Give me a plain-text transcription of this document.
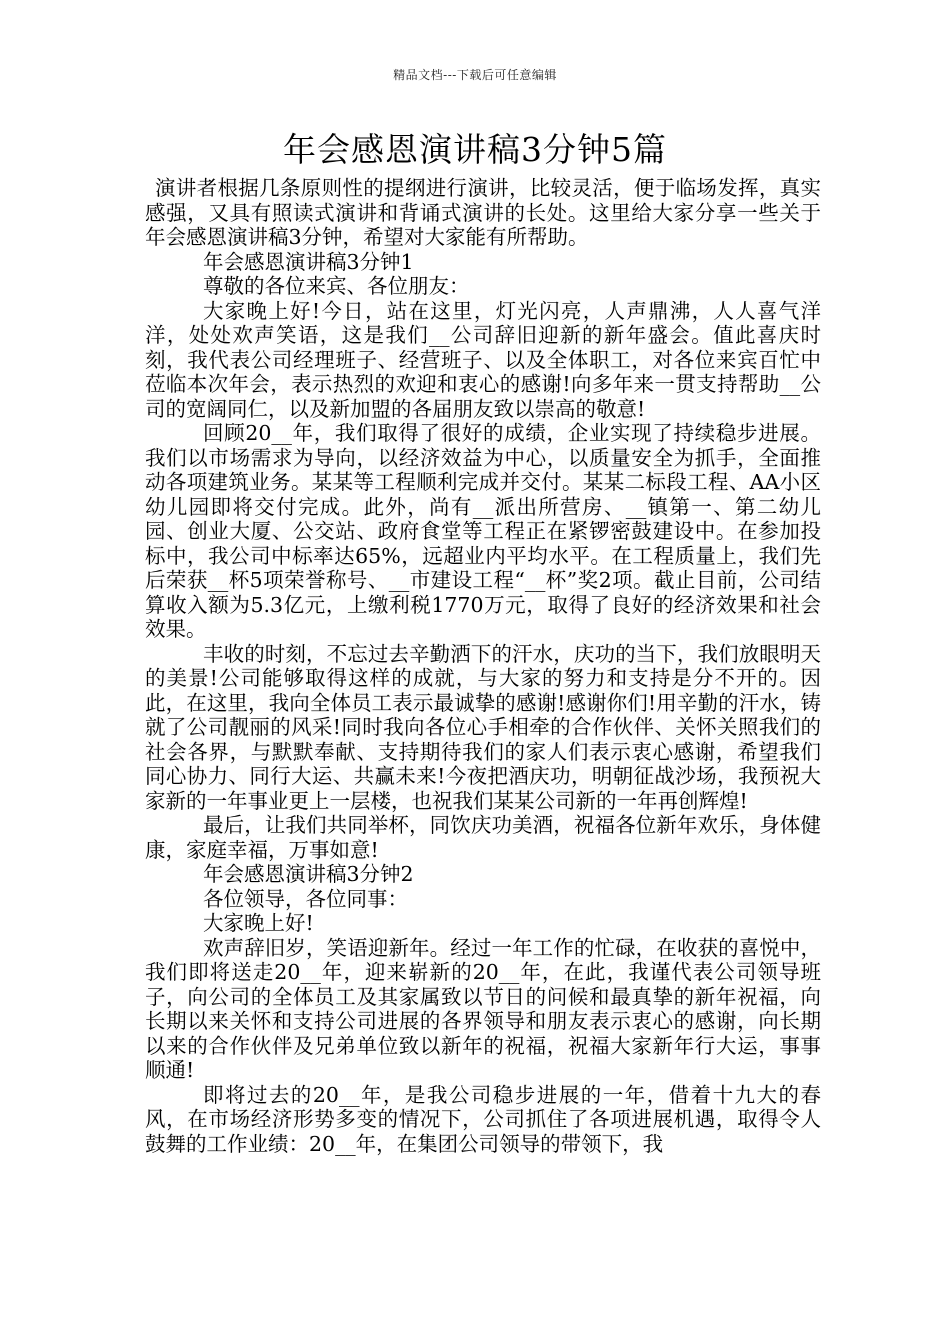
精品文档---下载后可任意编辑
年会感恩演讲稿3分钟5篇

演讲者根据几条原则性的提纲进行演讲，比较灵活，便于临场发挥，真实感强，又具有照读式演讲和背诵式演讲的长处。这里给大家分享一些关于年会感恩演讲稿3分钟，希望对大家能有所帮助。

年会感恩演讲稿3分钟1

尊敬的各位来宾、各位朋友：

大家晚上好!今日，站在这里，灯光闪亮，人声鼎沸，人人喜气洋洋，处处欢声笑语，这是我们__公司辞旧迎新的新年盛会。值此喜庆时刻，我代表公司经理班子、经营班子、以及全体职工，对各位来宾百忙中莅临本次年会，表示热烈的欢迎和衷心的感谢!向多年来一贯支持帮助__公司的宽阔同仁，以及新加盟的各届朋友致以崇高的敬意!

回顾20__年，我们取得了很好的成绩，企业实现了持续稳步进展。我们以市场需求为导向，以经济效益为中心，以质量安全为抓手，全面推动各项建筑业务。某某等工程顺利完成并交付。某某二标段工程、AA小区幼儿园即将交付完成。此外，尚有__派出所营房、__镇第一、第二幼儿园、创业大厦、公交站、政府食堂等工程正在紧锣密鼓建设中。在参加投标中，我公司中标率达65%，远超业内平均水平。在工程质量上，我们先后荣获__杯5项荣誉称号、__市建设工程“__杯”奖2项。截止目前，公司结算收入额为5.3亿元，上缴利税1770万元，取得了良好的经济效果和社会效果。

丰收的时刻，不忘过去辛勤洒下的汗水，庆功的当下，我们放眼明天的美景!公司能够取得这样的成就，与大家的努力和支持是分不开的。因此，在这里，我向全体员工表示最诚挚的感谢!感谢你们!用辛勤的汗水，铸就了公司靓丽的风采!同时我向各位心手相牵的合作伙伴、关怀关照我们的社会各界，与默默奉献、支持期待我们的家人们表示衷心感谢，希望我们同心协力、同行大运、共赢未来!今夜把酒庆功，明朝征战沙场，我预祝大家新的一年事业更上一层楼，也祝我们某某公司新的一年再创辉煌!

最后，让我们共同举杯，同饮庆功美酒，祝福各位新年欢乐，身体健康，家庭幸福，万事如意!

年会感恩演讲稿3分钟2

各位领导，各位同事：

大家晚上好!

欢声辞旧岁，笑语迎新年。经过一年工作的忙碌，在收获的喜悦中，我们即将送走20__年，迎来崭新的20__年，在此，我谨代表公司领导班子，向公司的全体员工及其家属致以节日的问候和最真挚的新年祝福，向长期以来关怀和支持公司进展的各界领导和朋友表示衷心的感谢，向长期以来的合作伙伴及兄弟单位致以新年的祝福，祝福大家新年行大运，事事顺通!

即将过去的20__年，是我公司稳步进展的一年，借着十九大的春风，在市场经济形势多变的情况下，公司抓住了各项进展机遇，取得令人鼓舞的工作业绩：20__年，在集团公司领导的带领下，我
